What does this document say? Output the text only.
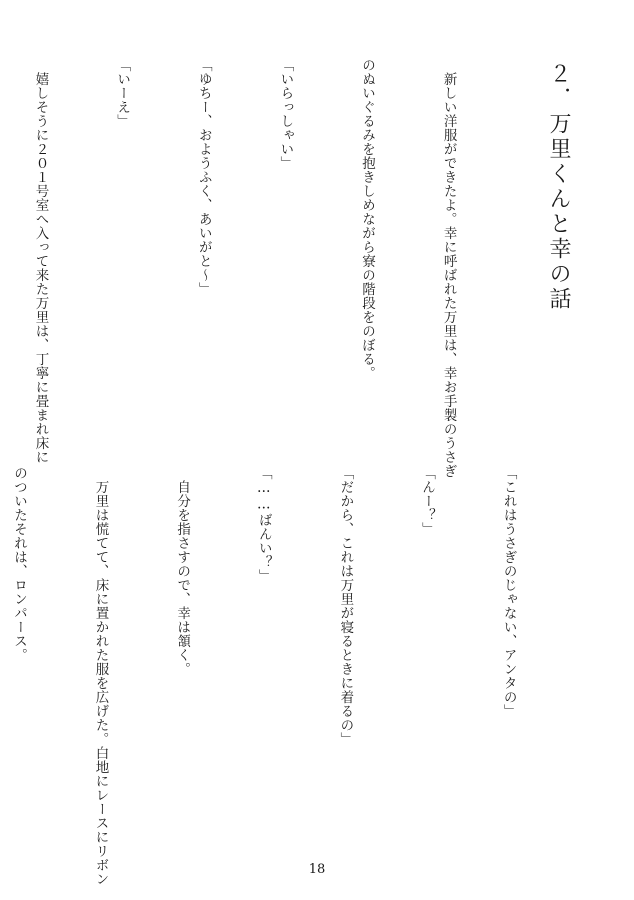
２．万里くんと幸の話

　新しい洋服ができたよ。幸に呼ばれた万里は、幸お手製のうさぎ

のぬいぐるみを抱きしめながら寮の階段をのぼる。

「いらっしゃい」

「ゆちー、おようふく、あいがと〜」

「いーえ」

　嬉しそうに２０１号室へ入って来た万里は、丁寧に畳まれ床に

「これはうさぎのじゃない、アンタの」

「んー？」

「だから、これは万里が寝るときに着るの」

「……ばんい？」

　自分を指さすので、幸は頷く。

　万里は慌てて、床に置かれた服を広げた。白地にレースにリボン

のついたそれは、ロンパース。

18
